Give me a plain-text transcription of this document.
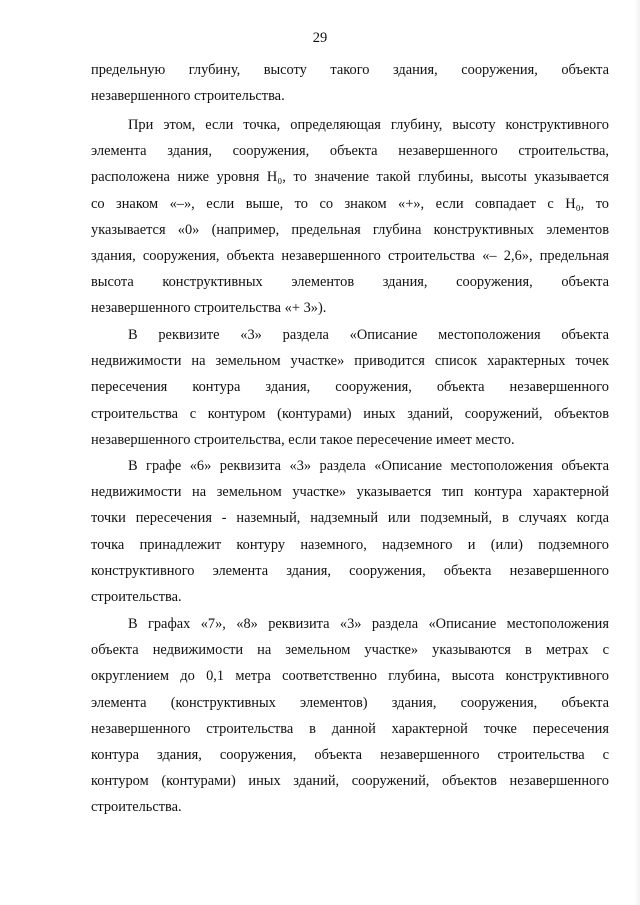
29

предельную глубину, высоту такого здания, сооружения, объекта
незавершенного строительства.

При этом, если точка, определяющая глубину, высоту конструктивного
элемента здания, сооружения, объекта незавершенного строительства,
расположена ниже уровня H₀, то значение такой глубины, высоты указывается
со знаком «–», если выше, то со знаком «+», если совпадает с H₀, то
указывается «0» (например, предельная глубина конструктивных элементов
здания, сооружения, объекта незавершенного строительства «– 2,6», предельная
высота конструктивных элементов здания, сооружения, объекта
незавершенного строительства «+ 3»).

В реквизите «3» раздела «Описание местоположения объекта
недвижимости на земельном участке» приводится список характерных точек
пересечения контура здания, сооружения, объекта незавершенного
строительства с контуром (контурами) иных зданий, сооружений, объектов
незавершенного строительства, если такое пересечение имеет место.

В графе «6» реквизита «3» раздела «Описание местоположения объекта
недвижимости на земельном участке» указывается тип контура характерной
точки пересечения - наземный, надземный или подземный, в случаях когда
точка принадлежит контуру наземного, надземного и (или) подземного
конструктивного элемента здания, сооружения, объекта незавершенного
строительства.

В графах «7», «8» реквизита «3» раздела «Описание местоположения
объекта недвижимости на земельном участке» указываются в метрах с
округлением до 0,1 метра соответственно глубина, высота конструктивного
элемента (конструктивных элементов) здания, сооружения, объекта
незавершенного строительства в данной характерной точке пересечения
контура здания, сооружения, объекта незавершенного строительства с
контуром (контурами) иных зданий, сооружений, объектов незавершенного
строительства.
